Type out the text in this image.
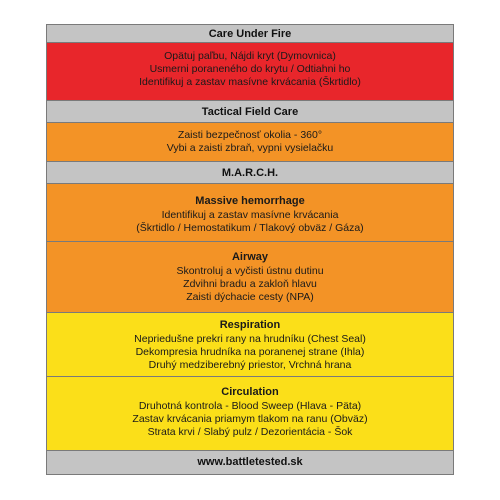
Care Under Fire
Opätuj paľbu, Nájdi kryt (Dymovnica)
Usmerni poraneného do krytu / Odtiahni ho
Identifikuj a zastav masívne krvácania (Škrtidlo)
Tactical Field Care
Zaisti bezpečnosť okolia - 360°
Vybi a zaisti zbraň, vypni vysielačku
M.A.R.C.H.
Massive hemorrhage
Identifikuj a zastav masívne krvácania
(Škrtidlo / Hemostatikum / Tlakový obväz / Gáza)
Airway
Skontroluj a vyčisti ústnu dutinu
Zdvihni bradu a zakloň hlavu
Zaisti dýchacie cesty (NPA)
Respiration
Nepriedušne prekri rany na hrudníku (Chest Seal)
Dekompresia hrudníka na poranenej strane (Ihla)
Druhý medziberebný priestor, Vrchná hrana
Circulation
Druhotná kontrola - Blood Sweep (Hlava - Päta)
Zastav krvácania priamym tlakom na ranu (Obväz)
Strata krvi / Slabý pulz / Dezorientácia - Šok
www.battletested.sk
